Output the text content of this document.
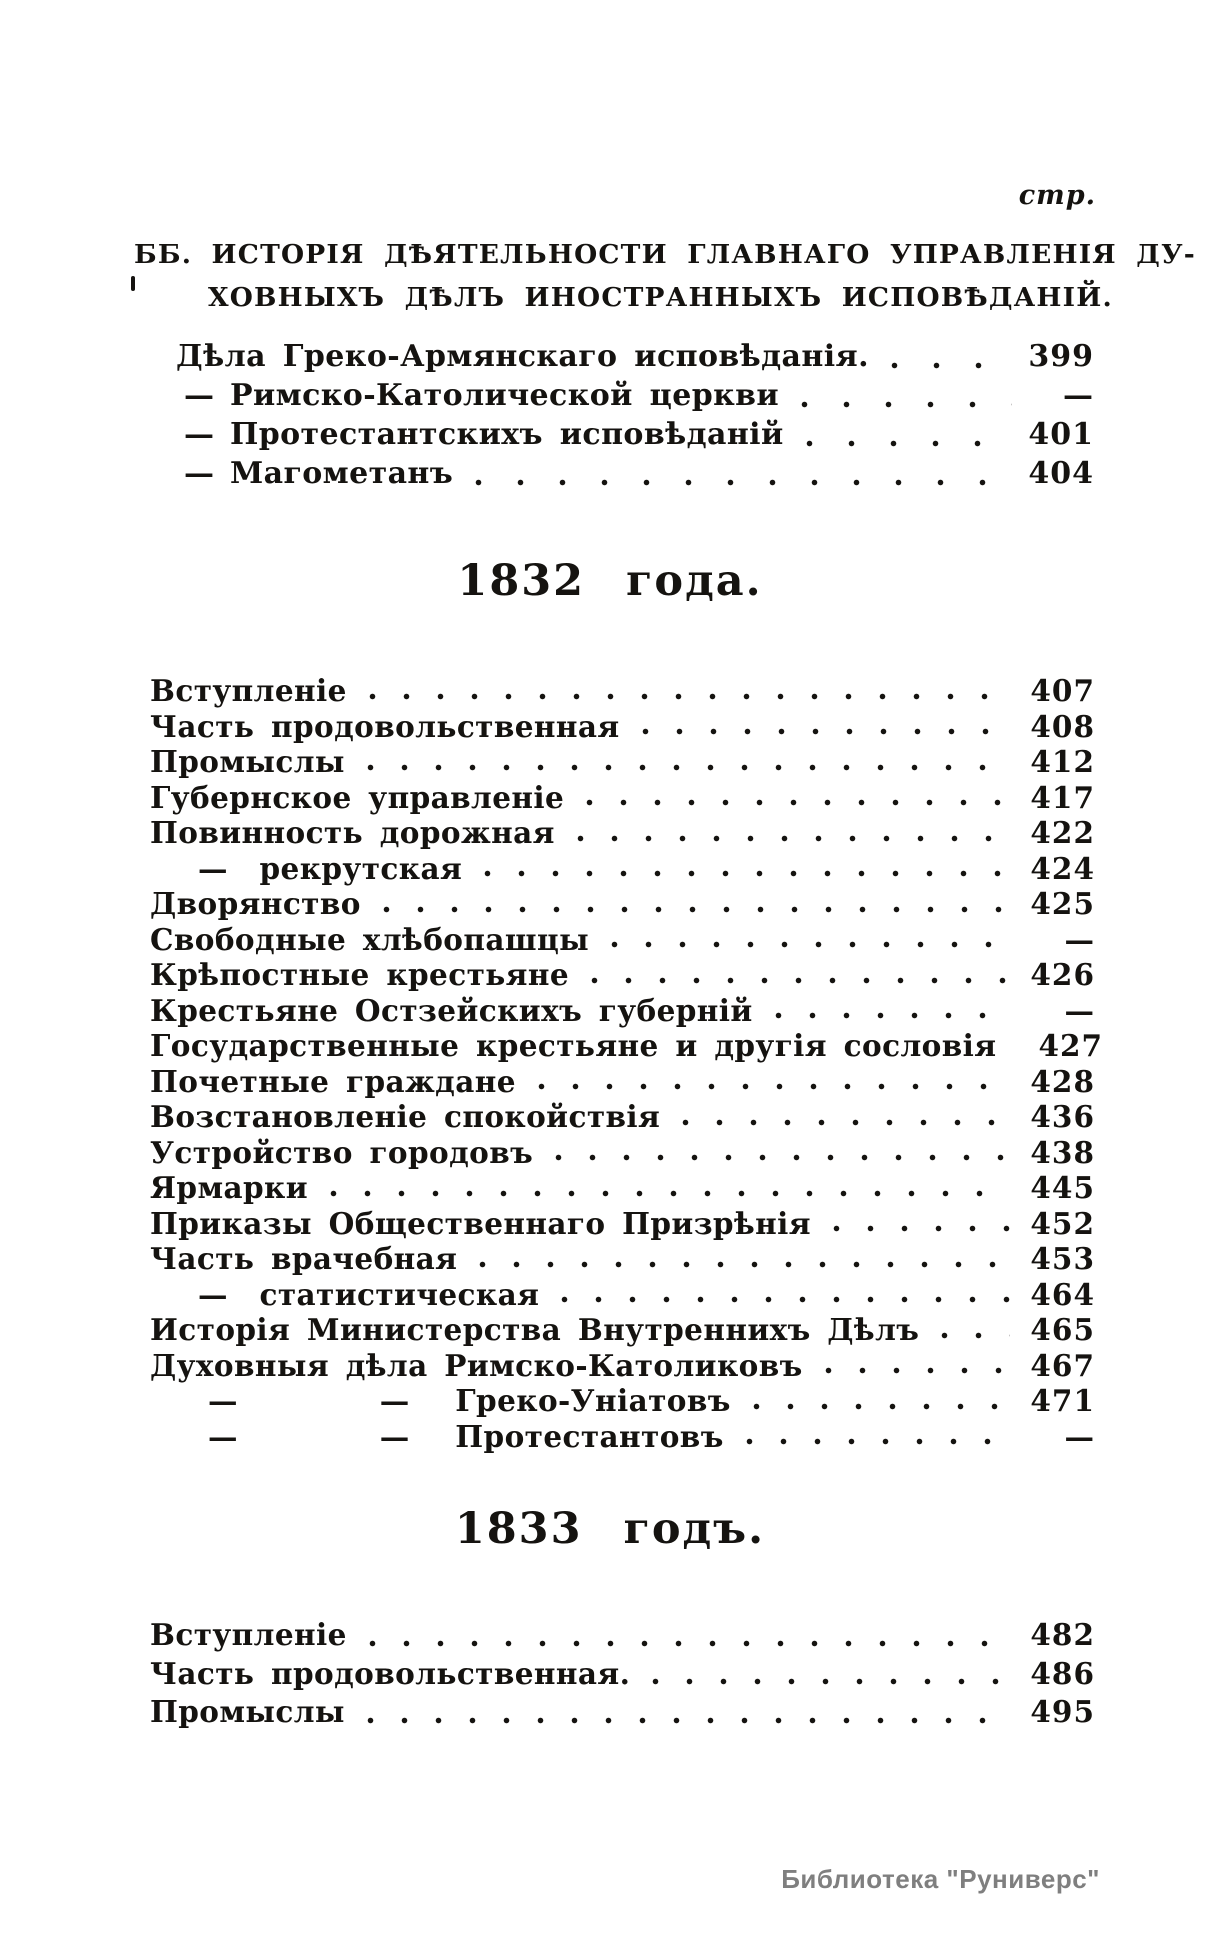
стр.
ББ. ИСТОРІЯ ДѢЯТЕЛЬНОСТИ ГЛАВНАГО УПРАВЛЕНІЯ ДУ-
ХОВНЫХЪ ДѢЛЪ ИНОСТРАННЫХЪ ИСПОВѢДАНІЙ.
Дѣла Греко-Армянскаго исповѣданія.	399
— Римско-Католической церкви	—
— Протестантскихъ исповѣданій	401
— Магометанъ	404
1832 года.
Вступленіе	407
Часть продовольственная	408
Промыслы	412
Губернское управленіе	417
Повинность дорожная	422
—	рекрутская	424
Дворянство	425
Свободные хлѣбопашцы	—
Крѣпостные крестьяне	426
Крестьяне Остзейскихъ губерній	—
Государственные крестьяне и другія сословія 427
Почетные граждане	428
Возстановленіе спокойствія	436
Устройство городовъ	438
Ярмарки	445
Приказы Общественнаго Призрѣнія	452
Часть врачебная	453
—	статистическая	464
Исторія Министерства Внутреннихъ Дѣлъ	465
Духовныя дѣла Римско-Католиковъ	467
— —	Греко-Уніатовъ	471
— —	Протестантовъ	—
1833 годъ.
Вступленіе	482
Часть продовольственная.	486
Промыслы	495
Библиотека "Руниверс"
